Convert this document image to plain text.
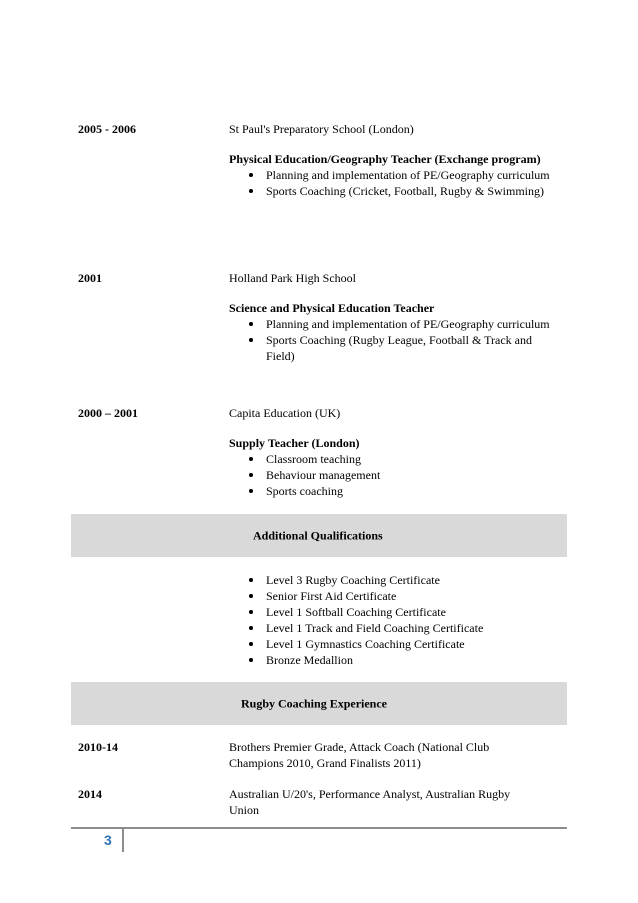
2005 - 2006	St Paul's Preparatory School (London)

Physical Education/Geography Teacher (Exchange program)

Planning and implementation of PE/Geography curriculum
Sports Coaching (Cricket, Football, Rugby & Swimming)
2001	Holland Park High School

Science and Physical Education Teacher

Planning and implementation of PE/Geography curriculum
Sports Coaching (Rugby League, Football & Track and Field)
2000 – 2001	Capita Education (UK)

Supply Teacher (London)

Classroom teaching
Behaviour management
Sports coaching
Additional Qualifications
Level 3 Rugby Coaching Certificate
Senior First Aid Certificate
Level 1 Softball Coaching Certificate
Level 1 Track and Field Coaching Certificate
Level 1 Gymnastics Coaching Certificate
Bronze Medallion
Rugby Coaching Experience
2010-14	Brothers Premier Grade, Attack Coach (National Club Champions 2010, Grand Finalists 2011)

2014	Australian U/20's, Performance Analyst, Australian Rugby Union

3
